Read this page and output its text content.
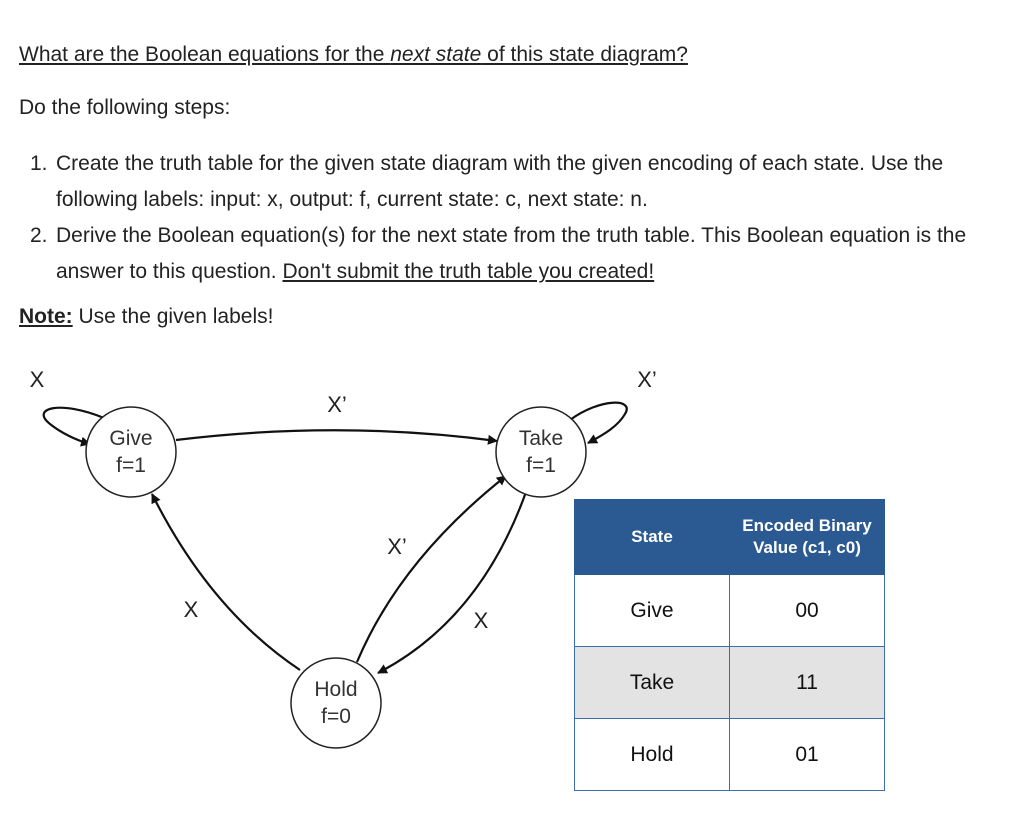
What are the Boolean equations for the next state of this state diagram?
Do the following steps:
1. Create the truth table for the given state diagram with the given encoding of each state. Use the following labels: input: x, output: f, current state: c, next state: n.
2. Derive the Boolean equation(s) for the next state from the truth table. This Boolean equation is the answer to this question. Don't submit the truth table you created!
Note: Use the given labels!
Give
f=1
Take
f=1
Hold
f=0
X	X’
X’
X
X’
X
State	Encoded Binary Value (c1, c0)
Give	00
Take	11
Hold	01
